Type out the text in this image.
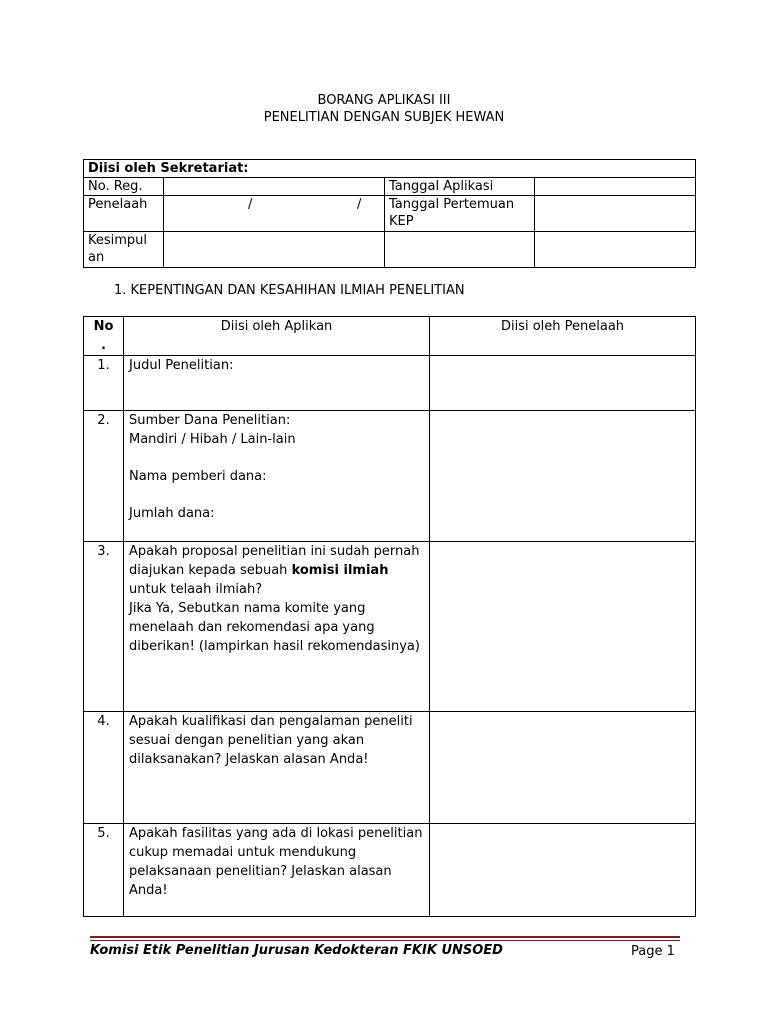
BORANG APLIKASI III
PENELITIAN DENGAN SUBJEK HEWAN
Diisi oleh Sekretariat:			
No. Reg.		Tanggal Aplikasi	
Penelaah	/ /	Tanggal Pertemuan KEP	
Kesimpul an			
1. KEPENTINGAN DAN KESAHIHAN ILMIAH PENELITIAN
No .	Diisi oleh Aplikan	Diisi oleh Penelaah
1.	Judul Penelitian:	
2.	Sumber Dana Penelitian:
Mandiri / Hibah / Lain-lain
Nama pemberi dana:
Jumlah dana:	

3.	Apakah proposal penelitian ini sudah pernah diajukan kepada sebuah komisi ilmiah untuk telaah ilmiah?
Jika Ya, Sebutkan nama komite yang menelaah dan rekomendasi apa yang diberikan! (lampirkan hasil rekomendasinya)	

4.	Apakah kualifikasi dan pengalaman peneliti sesuai dengan penelitian yang akan dilaksanakan? Jelaskan alasan Anda!	
5.	Apakah fasilitas yang ada di lokasi penelitian cukup memadai untuk mendukung pelaksanaan penelitian? Jelaskan alasan Anda!	
Komisi Etik Penelitian Jurusan Kedokteran FKIK UNSOED	Page 1
